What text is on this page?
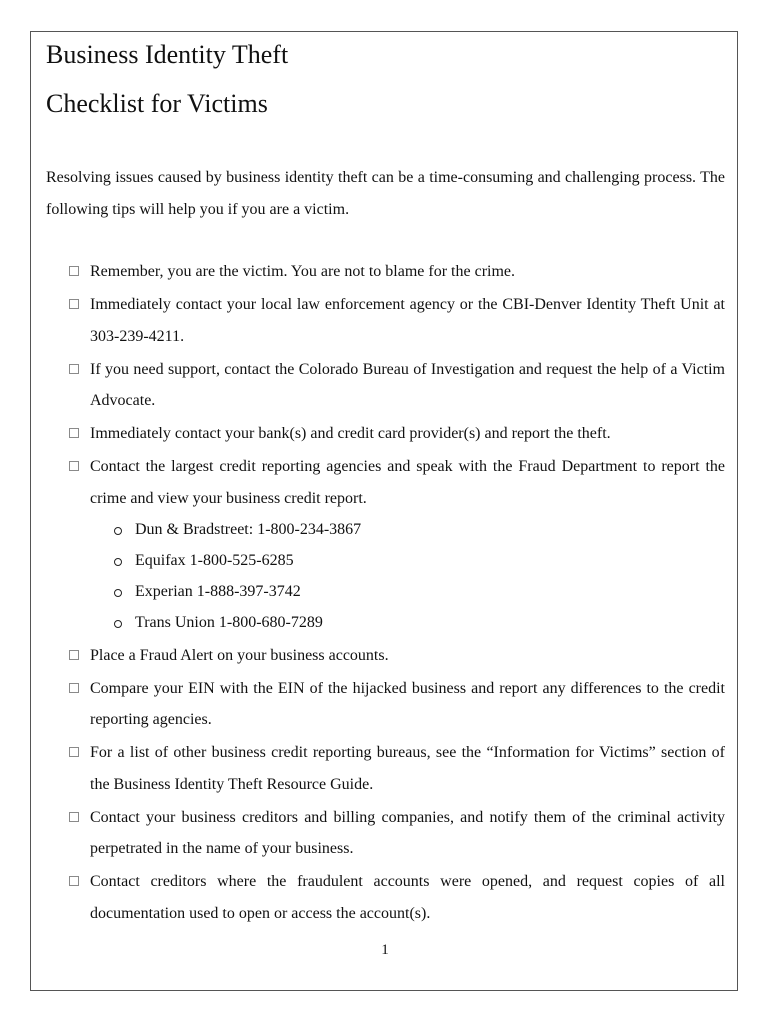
Business Identity Theft
Checklist for Victims

Resolving issues caused by business identity theft can be a time-consuming and challenging process. The following tips will help you if you are a victim.

Remember, you are the victim. You are not to blame for the crime.
Immediately contact your local law enforcement agency or the CBI-Denver Identity Theft Unit at 303-239-4211.
If you need support, contact the Colorado Bureau of Investigation and request the help of a Victim Advocate.
Immediately contact your bank(s) and credit card provider(s) and report the theft.
Contact the largest credit reporting agencies and speak with the Fraud Department to report the crime and view your business credit report.
Dun & Bradstreet: 1-800-234-3867
Equifax 1-800-525-6285
Experian 1-888-397-3742
Trans Union 1-800-680-7289
Place a Fraud Alert on your business accounts.
Compare your EIN with the EIN of the hijacked business and report any differences to the credit reporting agencies.
For a list of other business credit reporting bureaus, see the “Information for Victims” section of the Business Identity Theft Resource Guide.
Contact your business creditors and billing companies, and notify them of the criminal activity perpetrated in the name of your business.
Contact creditors where the fraudulent accounts were opened, and request copies of all documentation used to open or access the account(s).
1
